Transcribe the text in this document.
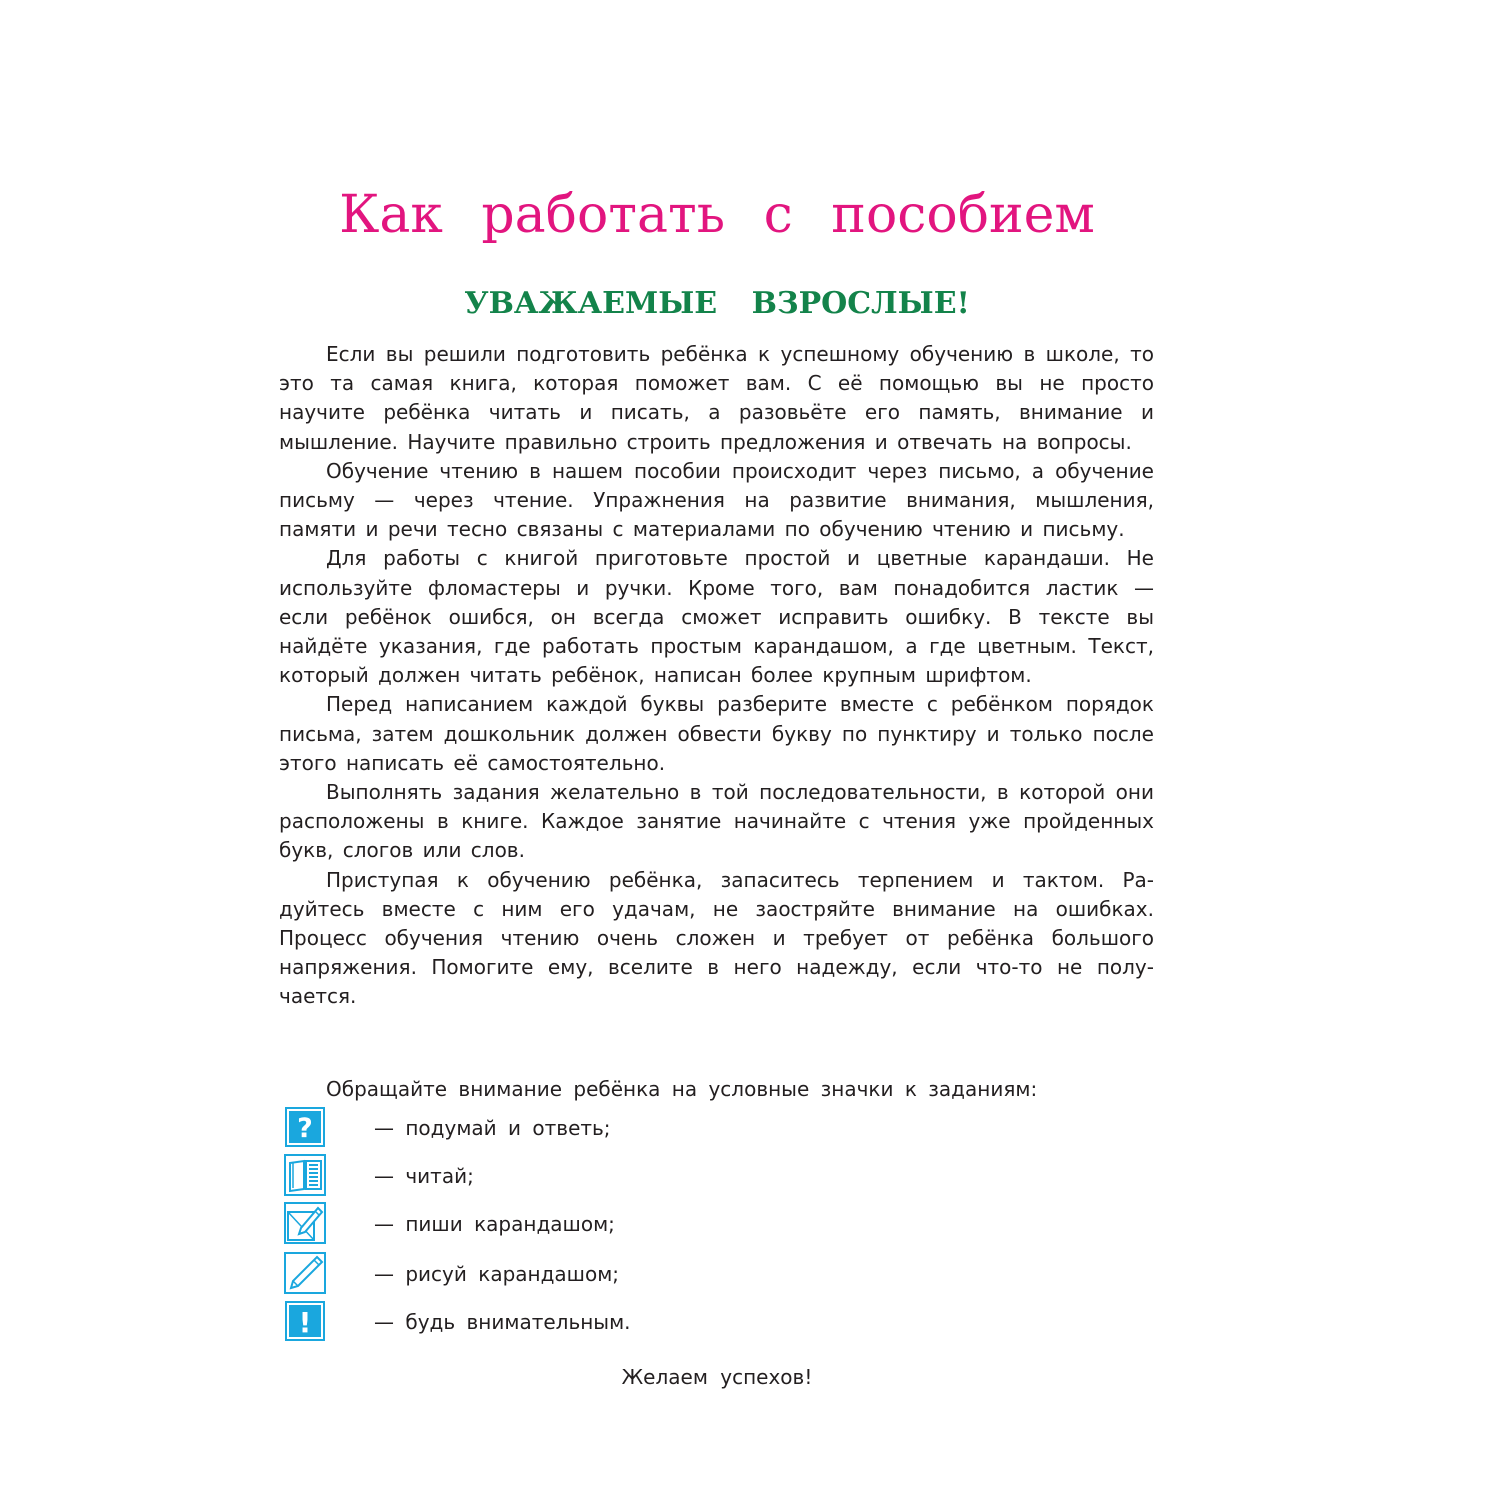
Как работать с пособием
УВАЖАЕМЫЕ ВЗРОСЛЫЕ!

Если вы решили подготовить ребёнка к успешному обучению в школе, то это та самая книга, которая поможет вам. С её помощью вы не просто научите ребёнка читать и писать, а разовьёте его память, внимание и мышление. Научите правильно строить предложения и отвечать на вопросы.

Обучение чтению в нашем пособии происходит через письмо, а обучение письму — через чтение. Упражнения на развитие внимания, мышления, памяти и речи тесно связаны с материалами по обучению чтению и письму.

Для работы с книгой приготовьте простой и цветные карандаши. Не используйте фломастеры и ручки. Кроме того, вам понадобится ластик — если ребёнок ошибся, он всегда сможет исправить ошибку. В тексте вы найдёте указания, где работать простым карандашом, а где цветным. Текст, который должен читать ребёнок, написан более крупным шрифтом.

Перед написанием каждой буквы разберите вместе с ребёнком порядок письма, затем дошкольник должен обвести букву по пунктиру и только после этого написать её самостоятельно.

Выполнять задания желательно в той последовательности, в которой они расположены в книге. Каждое занятие начинайте с чтения уже пройденных букв, слогов или слов.

Приступая к обучению ребёнка, запаситесь терпением и тактом. Радуйтесь вместе с ним его удачам, не заостряйте внимание на ошибках. Процесс обучения чтению очень сложен и требует от ребёнка большого напряжения. Помогите ему, вселите в него надежду, если что-то не получается.

Обращайте внимание ребёнка на условные значки к заданиям:

?	— подумай и ответь;
— читай;
— пиши карандашом;
— рисуй карандашом;
!	— будь внимательным.

Желаем успехов!
